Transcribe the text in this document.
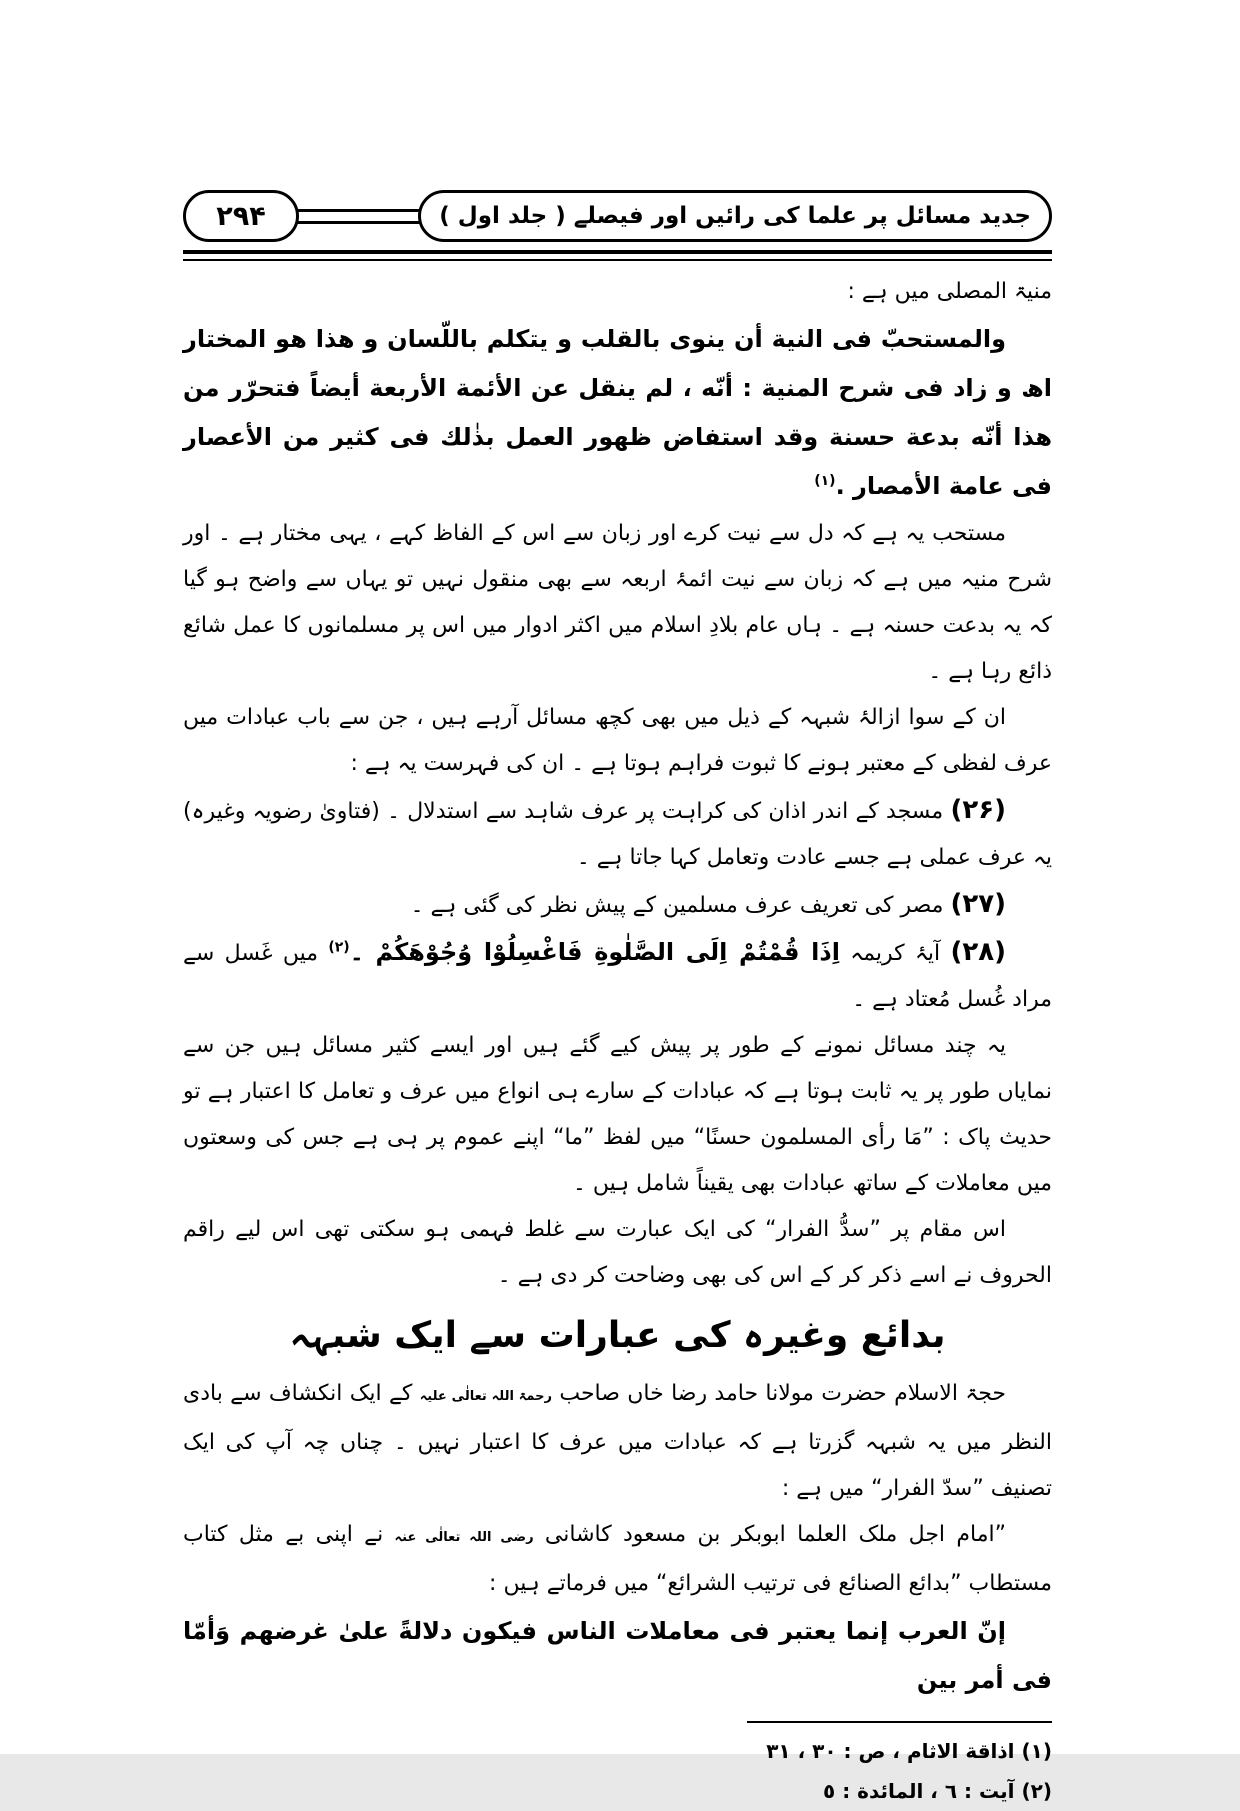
۲۹۴	جدید مسائل پر علما کی رائیں اور فیصلے ( جلد اول )
منیۃ المصلی میں ہے :
والمستحبّ فى النية أن ينوى بالقلب و يتكلم باللّسان و هذا هو المختار اھ و زاد فى شرح المنية : أنّه ، لم ينقل عن الأئمة الأربعة أيضاً فتحرّر من هذا أنّه بدعة حسنة وقد استفاض ظهور العمل بذٰلك فى كثير من الأعصار فى عامة الأمصار .$^{(۱)}$
مستحب یہ ہے کہ دل سے نیت کرے اور زبان سے اس کے الفاظ کہے ، یہی مختار ہے ۔ اور شرح منیہ میں ہے کہ زبان سے نیت ائمۂ اربعہ سے بھی منقول نہیں تو یہاں سے واضح ہو گیا کہ یہ بدعت حسنہ ہے ۔ ہاں عام بلادِ اسلام میں اکثر ادوار میں اس پر مسلمانوں کا عمل شائع ذائع رہا ہے ۔
ان کے سوا ازالۂ شبہہ کے ذیل میں بھی کچھ مسائل آرہے ہیں ، جن سے باب عبادات میں عرف لفظی کے معتبر ہونے کا ثبوت فراہم ہوتا ہے ۔ ان کی فہرست یہ ہے :
(۲۶) مسجد کے اندر اذان کی کراہت پر عرف شاہد سے استدلال ۔ (فتاویٰ رضویہ وغیرہ) یہ عرف عملی ہے جسے عادت وتعامل کہا جاتا ہے ۔
(۲۷) مصر کی تعریف عرف مسلمین کے پیش نظر کی گئی ہے ۔
(۲۸) آیۂ کریمہ اِذَا قُمْتُمْ اِلَى الصَّلٰوةِ فَاغْسِلُوْا وُجُوْهَكُمْ ۔$^{(۲)}$ میں غَسل سے مراد غُسل مُعتاد ہے ۔
یہ چند مسائل نمونے کے طور پر پیش کیے گئے ہیں اور ایسے کثیر مسائل ہیں جن سے نمایاں طور پر یہ ثابت ہوتا ہے کہ عبادات کے سارے ہی انواع میں عرف و تعامل کا اعتبار ہے تو حدیث پاک : ”مَا رأی المسلمون حسنًا“ میں لفظ ”ما“ اپنے عموم پر ہی ہے جس کی وسعتوں میں معاملات کے ساتھ عبادات بھی یقیناً شامل ہیں ۔
اس مقام پر ”سدُّ الفرار“ کی ایک عبارت سے غلط فہمی ہو سکتی تھی اس لیے راقم الحروف نے اسے ذکر کر کے اس کی بھی وضاحت کر دی ہے ۔
بدائع وغیرہ کی عبارات سے ایک شبہہ
حجۃ الاسلام حضرت مولانا حامد رضا خاں صاحب رحمۃ اللہ تعالٰی علیہ کے ایک انکشاف سے بادی النظر میں یہ شبہہ گزرتا ہے کہ عبادات میں عرف کا اعتبار نہیں ۔ چناں چہ آپ کی ایک تصنیف ”سدّ الفرار“ میں ہے :
”امام اجل ملک العلما ابوبکر بن مسعود کاشانی رضی اللہ تعالٰی عنہ نے اپنی بے مثل کتاب مستطاب ”بدائع الصنائع فی ترتیب الشرائع“ میں فرماتے ہیں :
إنّ العرب إنما يعتبر فى معاملات الناس فيكون دلالةً علىٰ غرضهم وَأمّا فى أمر بين
(۱) اذاقة الاثام ، ص : ۳۰ ، ۳۱
(۲) آیت : ٦ ، المائدة : ٥
